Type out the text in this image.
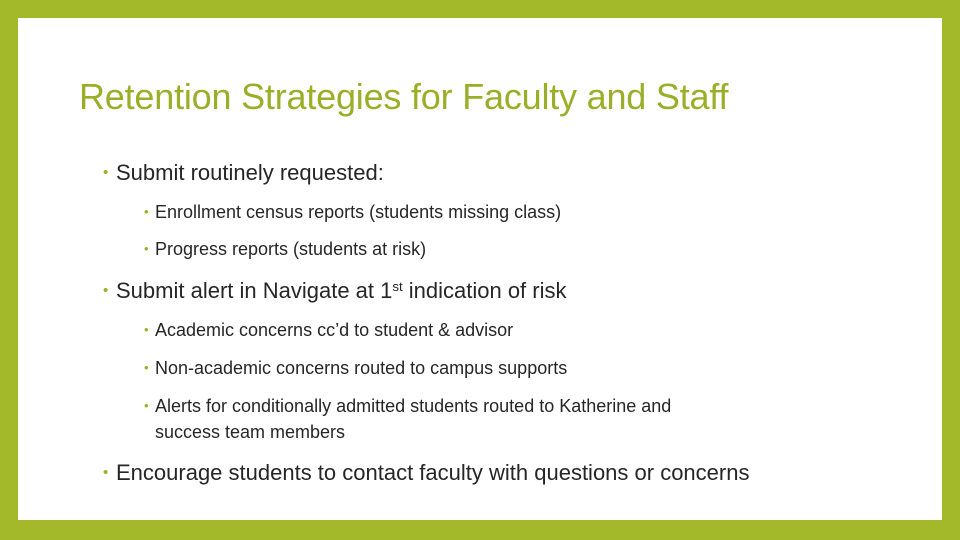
Retention Strategies for Faculty and Staff
• Submit routinely requested:
• Enrollment census reports (students missing class)
• Progress reports (students at risk)
• Submit alert in Navigate at 1st indication of risk
• Academic concerns cc’d to student & advisor
• Non-academic concerns routed to campus supports
• Alerts for conditionally admitted students routed to Katherine and
success team members
• Encourage students to contact faculty with questions or concerns
